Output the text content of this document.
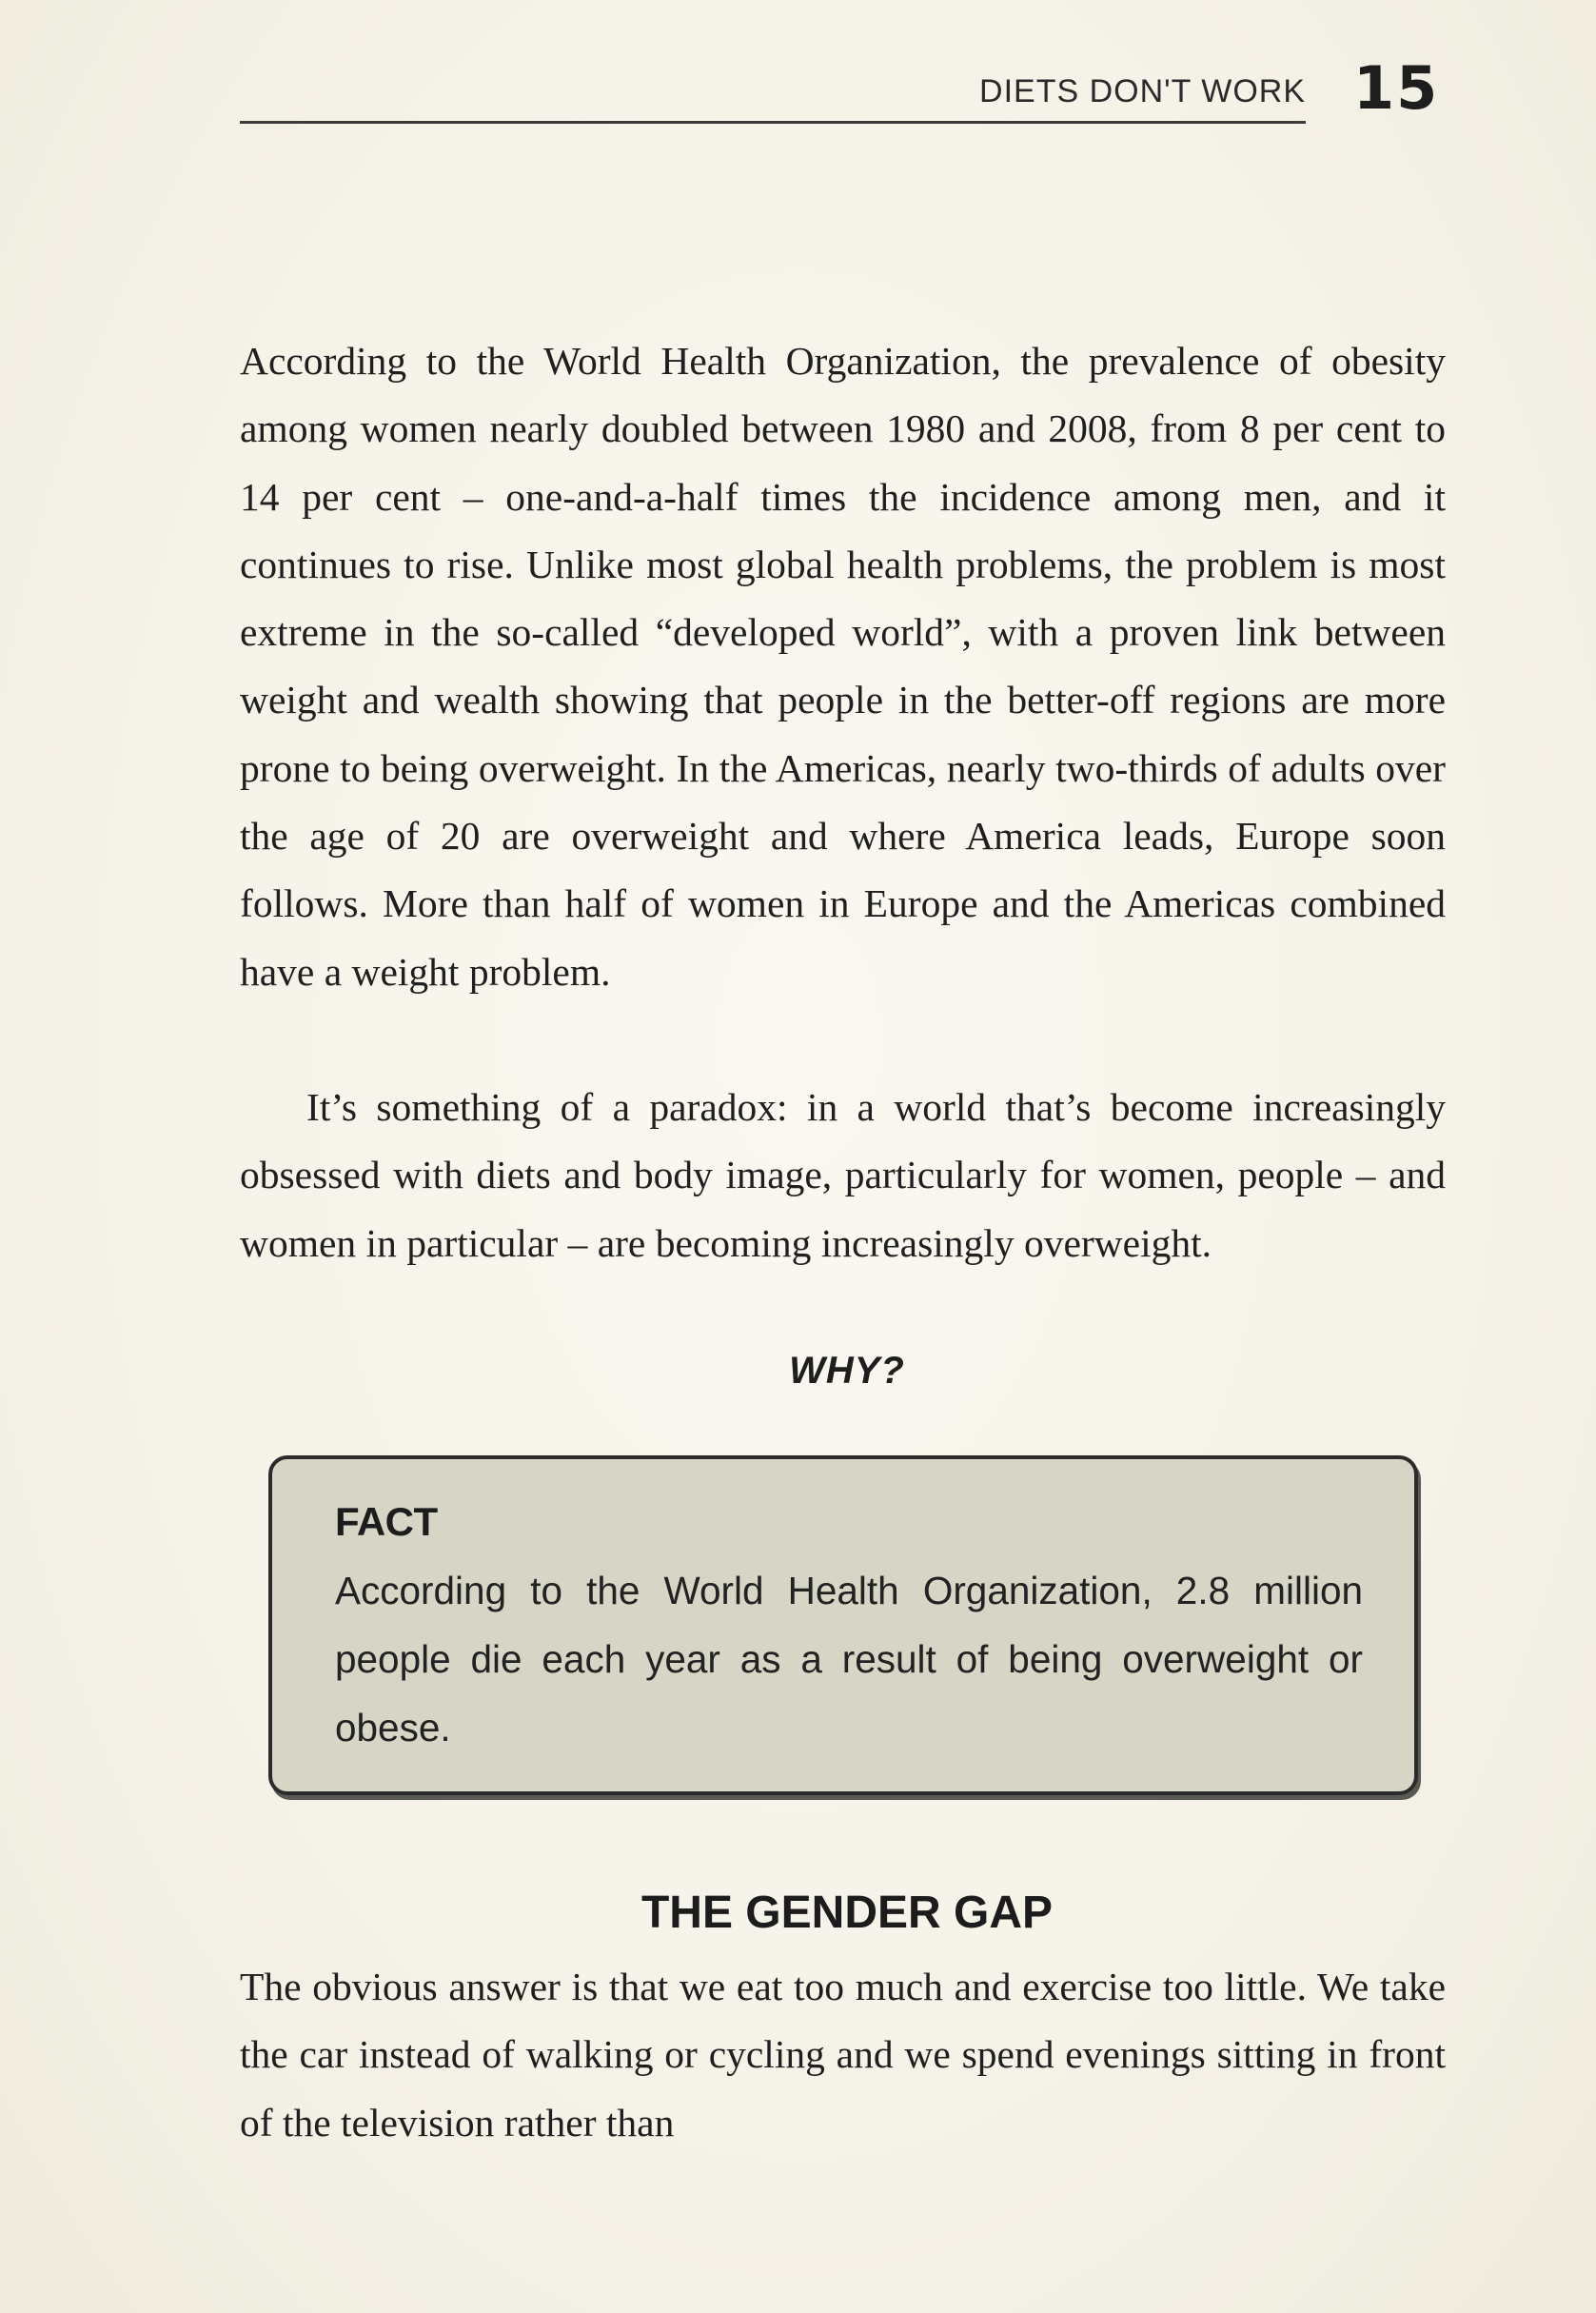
DIETS DON'T WORK 15

According to the World Health Organization, the prevalence of obesity among women nearly doubled between 1980 and 2008, from 8 per cent to 14 per cent – one-and-a-half times the incidence among men, and it continues to rise. Unlike most global health problems, the problem is most extreme in the so-called “developed world”, with a proven link between weight and wealth showing that people in the better-off regions are more prone to being overweight. In the Americas, nearly two-thirds of adults over the age of 20 are overweight and where America leads, Europe soon follows. More than half of women in Europe and the Americas combined have a weight problem.

It’s something of a paradox: in a world that’s become increasingly obsessed with diets and body image, particularly for women, people – and women in particular – are becoming increasingly overweight.

WHY?
FACT

According to the World Health Organization, 2.8 million people die each year as a result of being overweight or obese.

THE GENDER GAP

The obvious answer is that we eat too much and exercise too little. We take the car instead of walking or cycling and we spend evenings sitting in front of the television rather than
